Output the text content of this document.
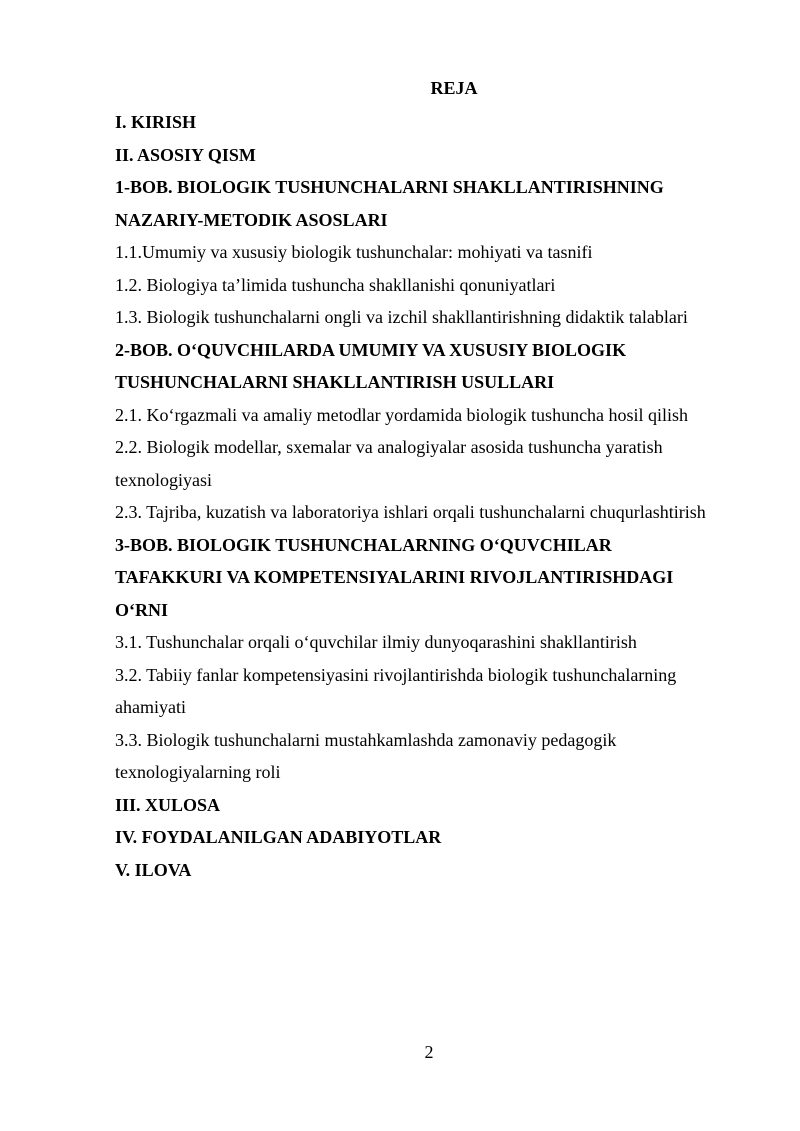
REJA
I. KIRISH
II. ASOSIY QISM
1-BOB. BIOLOGIK TUSHUNCHALARNI SHAKLLANTIRISHNING
NAZARIY-METODIK ASOSLARI
1.1.Umumiy va xususiy biologik tushunchalar: mohiyati va tasnifi
1.2. Biologiya ta’limida tushuncha shakllanishi qonuniyatlari
1.3. Biologik tushunchalarni ongli va izchil shakllantirishning didaktik talablari
2-BOB. O‘QUVCHILARDA UMUMIY VA XUSUSIY BIOLOGIK
TUSHUNCHALARNI SHAKLLANTIRISH USULLARI
2.1. Ko‘rgazmali va amaliy metodlar yordamida biologik tushuncha hosil qilish
2.2. Biologik modellar, sxemalar va analogiyalar asosida tushuncha yaratish
texnologiyasi
2.3. Tajriba, kuzatish va laboratoriya ishlari orqali tushunchalarni chuqurlashtirish
3-BOB. BIOLOGIK TUSHUNCHALARNING O‘QUVCHILAR
TAFAKKURI VA KOMPETENSIYALARINI RIVOJLANTIRISHDAGI
O‘RNI
3.1. Tushunchalar orqali o‘quvchilar ilmiy dunyoqarashini shakllantirish
3.2. Tabiiy fanlar kompetensiyasini rivojlantirishda biologik tushunchalarning
ahamiyati
3.3. Biologik tushunchalarni mustahkamlashda zamonaviy pedagogik
texnologiyalarning roli
III. XULOSA
IV. FOYDALANILGAN ADABIYOTLAR
V. ILOVA
2
